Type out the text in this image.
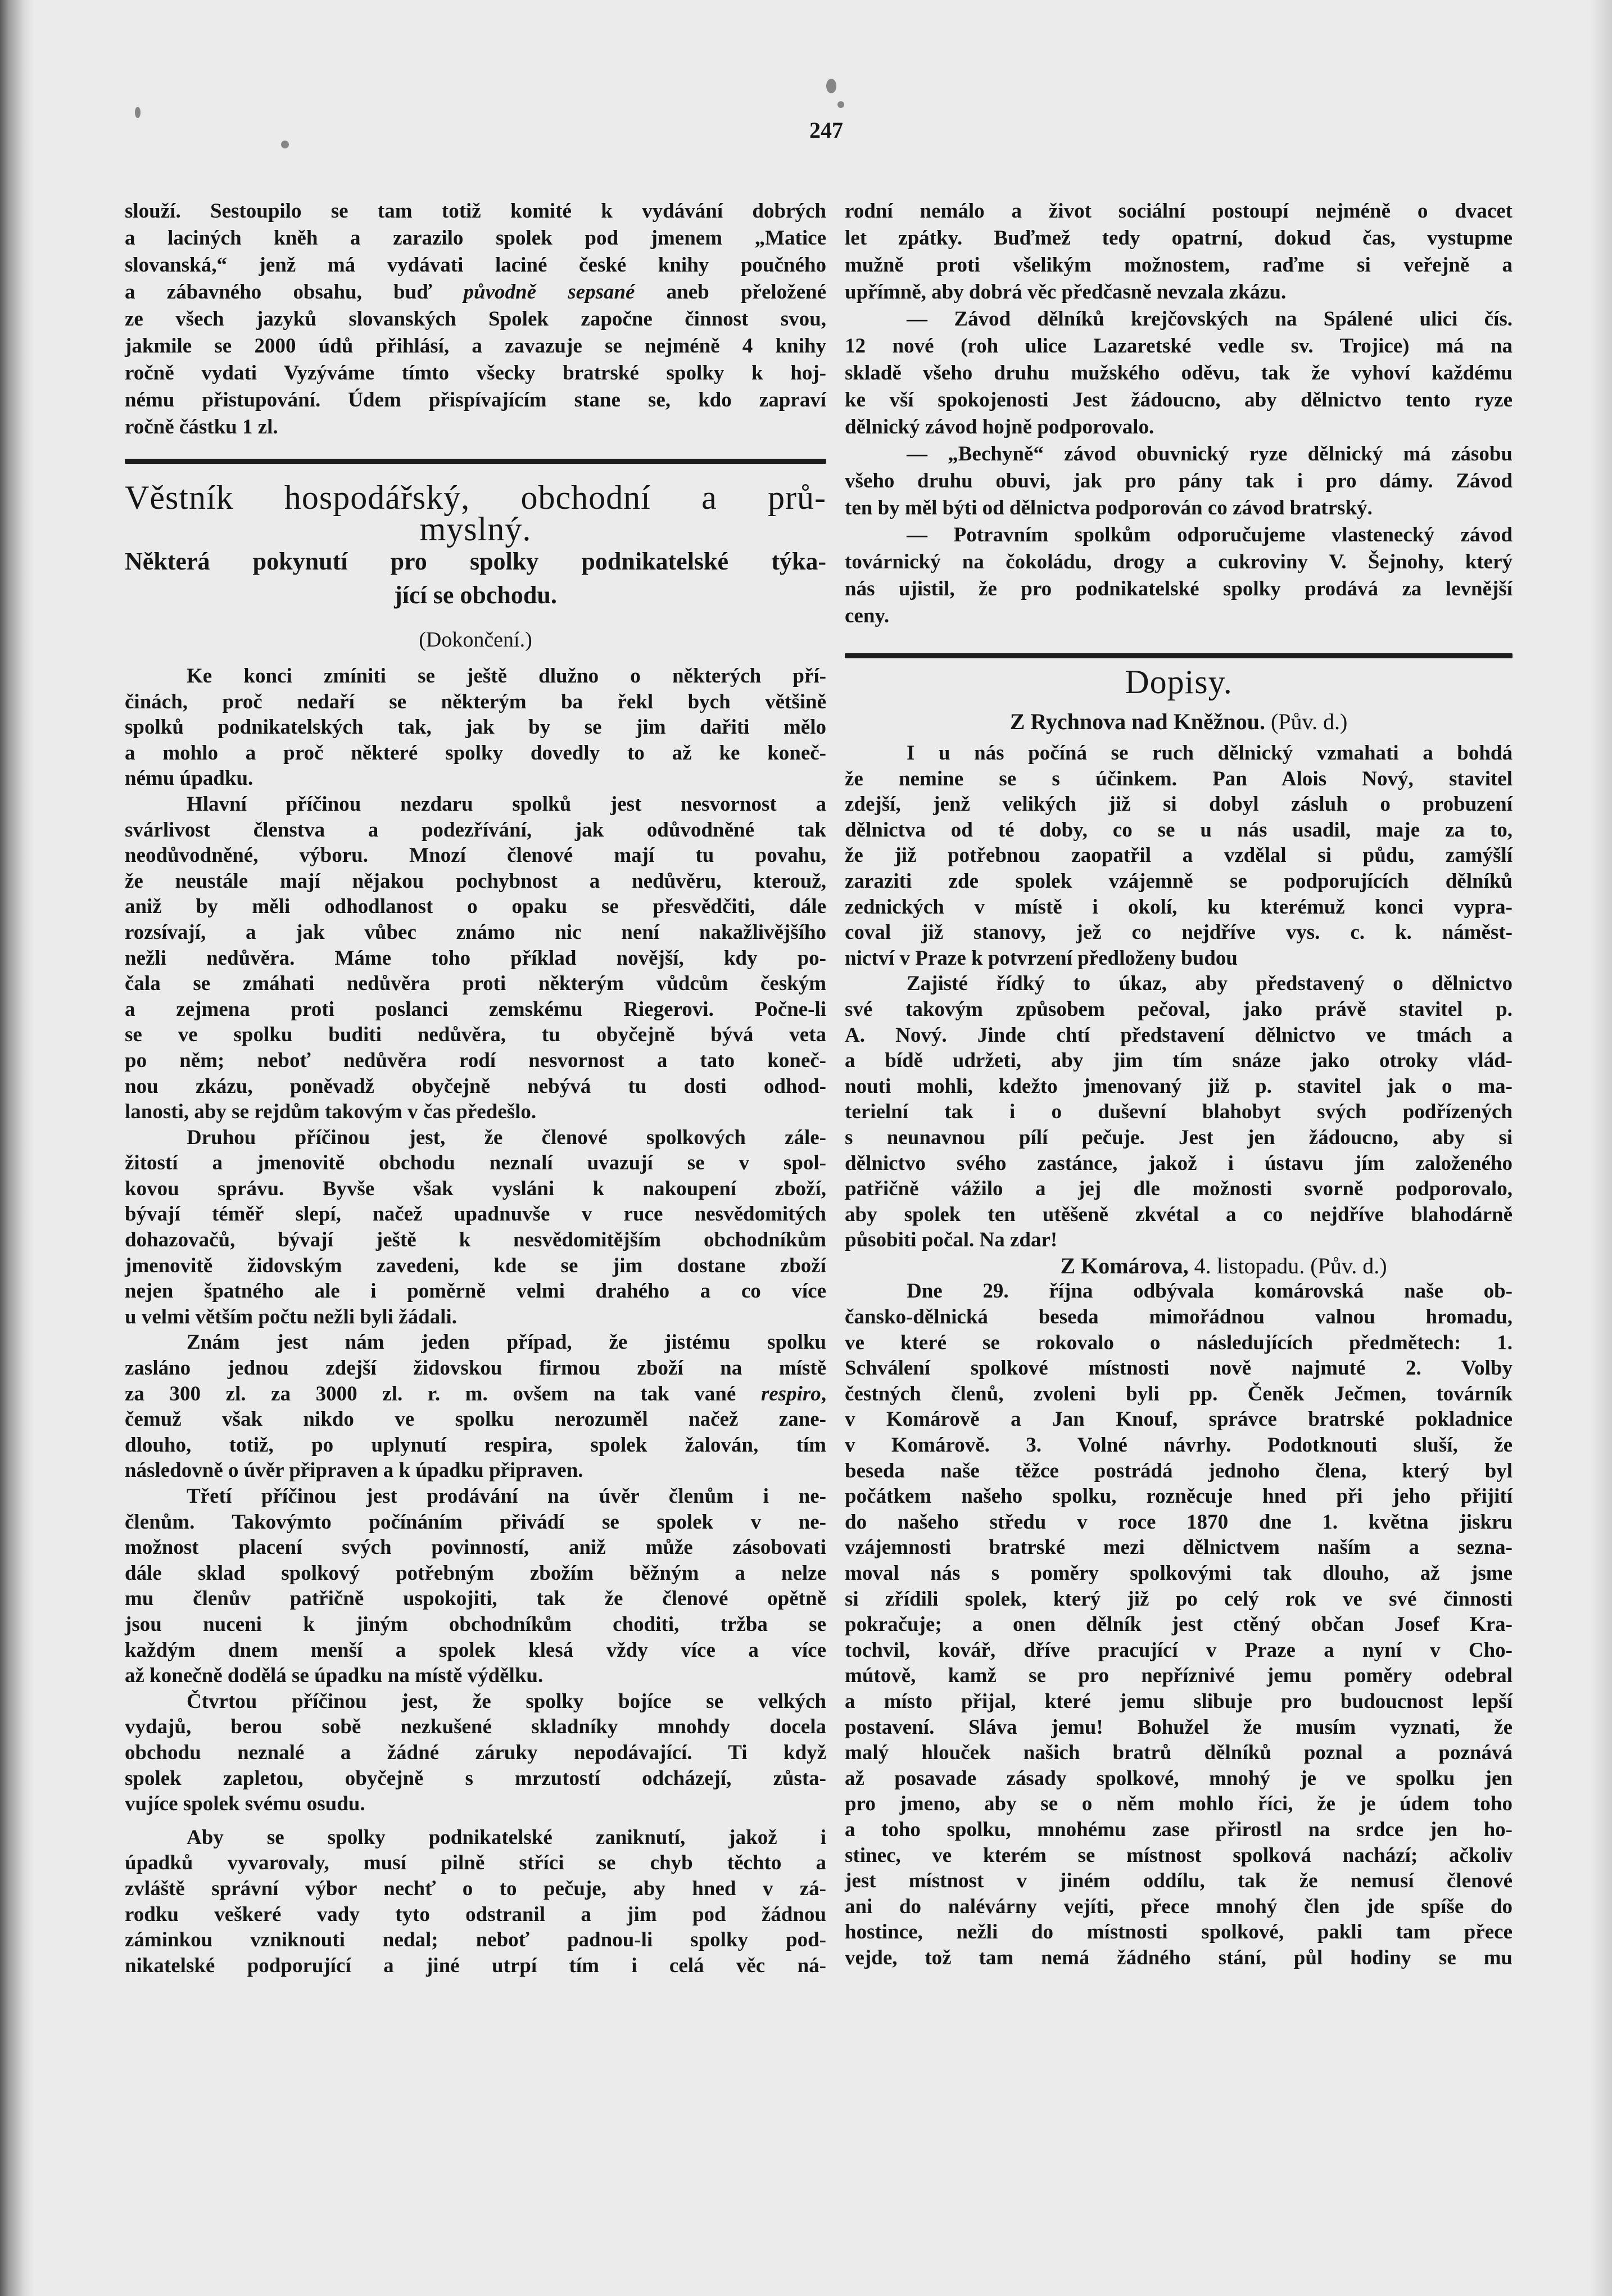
247
slouží. Sestoupilo se tam totiž komité k vydávání dobrých
a laciných kněh a zarazilo spolek pod jmenem „Matice
slovanská,“ jenž má vydávati laciné české knihy poučného
a zábavného obsahu, buď původně sepsané aneb přeložené
ze všech jazyků slovanských Spolek započne činnost svou,
jakmile se 2000 údů přihlásí, a zavazuje se nejméně 4 knihy
ročně vydati Vyzýváme tímto všecky bratrské spolky k hoj-
nému přistupování. Údem přispívajícím stane se, kdo zapraví
ročně částku 1 zl.
Věstník hospodářský, obchodní a prů-
myslný.
Některá pokynutí pro spolky podnikatelské týka-
jící se obchodu.
(Dokončení.)
Ke konci zmíniti se ještě dlužno o některých pří-
činách, proč nedaří se některým ba řekl bych většině
spolků podnikatelských tak, jak by se jim dařiti mělo
a mohlo a proč některé spolky dovedly to až ke koneč-
nému úpadku.
Hlavní příčinou nezdaru spolků jest nesvornost a
svárlivost členstva a podezřívání, jak odůvodněné tak
neodůvodněné, výboru. Mnozí členové mají tu povahu,
že neustále mají nějakou pochybnost a nedůvěru, kterouž,
aniž by měli odhodlanost o opaku se přesvědčiti, dále
rozsívají, a jak vůbec známo nic není nakažlivějšího
nežli nedůvěra. Máme toho příklad novější, kdy po-
čala se zmáhati nedůvěra proti některým vůdcům českým
a zejmena proti poslanci zemskému Riegerovi. Počne-li
se ve spolku buditi nedůvěra, tu obyčejně bývá veta
po něm; neboť nedůvěra rodí nesvornost a tato koneč-
nou zkázu, poněvadž obyčejně nebývá tu dosti odhod-
lanosti, aby se rejdům takovým v čas předešlo.
Druhou příčinou jest, že členové spolkových zále-
žitostí a jmenovitě obchodu neznalí uvazují se v spol-
kovou správu. Byvše však vysláni k nakoupení zboží,
bývají téměř slepí, načež upadnuvše v ruce nesvědomitých
dohazovačů, bývají ještě k nesvědomitějším obchodníkům
jmenovitě židovským zavedeni, kde se jim dostane zboží
nejen špatného ale i poměrně velmi drahého a co více
u velmi větším počtu nežli byli žádali.
Znám jest nám jeden případ, že jistému spolku
zasláno jednou zdejší židovskou firmou zboží na místě
za 300 zl. za 3000 zl. r. m. ovšem na tak vané respiro,
čemuž však nikdo ve spolku nerozuměl načež zane-
dlouho, totiž, po uplynutí respira, spolek žalován, tím
následovně o úvěr připraven a k úpadku připraven.
Třetí příčinou jest prodávání na úvěr členům i ne-
členům. Takovýmto počínáním přivádí se spolek v ne-
možnost placení svých povinností, aniž může zásobovati
dále sklad spolkový potřebným zbožím běžným a nelze
mu členův patřičně uspokojiti, tak že členové opětně
jsou nuceni k jiným obchodníkům choditi, tržba se
každým dnem menší a spolek klesá vždy více a více
až konečně dodělá se úpadku na místě výdělku.
Čtvrtou příčinou jest, že spolky bojíce se velkých
vydajů, berou sobě nezkušené skladníky mnohdy docela
obchodu neznalé a žádné záruky nepodávající. Ti když
spolek zapletou, obyčejně s mrzutostí odcházejí, zůsta-
vujíce spolek svému osudu.
Aby se spolky podnikatelské zaniknutí, jakož i
úpadků vyvarovaly, musí pilně stříci se chyb těchto a
zvláště správní výbor nechť o to pečuje, aby hned v zá-
rodku veškeré vady tyto odstranil a jim pod žádnou
záminkou vzniknouti nedal; neboť padnou-li spolky pod-
nikatelské podporující a jiné utrpí tím i celá věc ná-
rodní nemálo a život sociální postoupí nejméně o dvacet
let zpátky. Buďmež tedy opatrní, dokud čas, vystupme
mužně proti všelikým možnostem, raďme si veřejně a
upřímně, aby dobrá věc předčasně nevzala zkázu.
— Závod dělníků krejčovských na Spálené ulici čís.
12 nové (roh ulice Lazaretské vedle sv. Trojice) má na
skladě všeho druhu mužského oděvu, tak že vyhoví každému
ke vší spokojenosti Jest žádoucno, aby dělnictvo tento ryze
dělnický závod hojně podporovalo.
— „Bechyně“ závod obuvnický ryze dělnický má zásobu
všeho druhu obuvi, jak pro pány tak i pro dámy. Závod
ten by měl býti od dělnictva podporován co závod bratrský.
— Potravním spolkům odporučujeme vlastenecký závod
továrnický na čokoládu, drogy a cukroviny V. Šejnohy, který
nás ujistil, že pro podnikatelské spolky prodává za levnější
ceny.
Dopisy.
Z Rychnova nad Kněžnou. (Pův. d.)
I u nás počíná se ruch dělnický vzmahati a bohdá
že nemine se s účinkem. Pan Alois Nový, stavitel
zdejší, jenž velikých již si dobyl zásluh o probuzení
dělnictva od té doby, co se u nás usadil, maje za to,
že již potřebnou zaopatřil a vzdělal si půdu, zamýšlí
zaraziti zde spolek vzájemně se podporujících dělníků
zednických v místě i okolí, ku kterémuž konci vypra-
coval již stanovy, jež co nejdříve vys. c. k. náměst-
nictví v Praze k potvrzení předloženy budou
Zajisté řídký to úkaz, aby představený o dělnictvo
své takovým způsobem pečoval, jako právě stavitel p.
A. Nový. Jinde chtí představení dělnictvo ve tmách a
a bídě udržeti, aby jim tím snáze jako otroky vlád-
nouti mohli, kdežto jmenovaný již p. stavitel jak o ma-
terielní tak i o duševní blahobyt svých podřízených
s neunavnou pílí pečuje. Jest jen žádoucno, aby si
dělnictvo svého zastánce, jakož i ústavu jím založeného
patřičně vážilo a jej dle možnosti svorně podporovalo,
aby spolek ten utěšeně zkvétal a co nejdříve blahodárně
působiti počal. Na zdar!
Z Komárova, 4. listopadu. (Pův. d.)
Dne 29. října odbývala komárovská naše ob-
čansko-dělnická beseda mimořádnou valnou hromadu,
ve které se rokovalo o následujících předmětech: 1.
Schválení spolkové místnosti nově najmuté 2. Volby
čestných členů, zvoleni byli pp. Čeněk Ječmen, továrník
v Komárově a Jan Knouf, správce bratrské pokladnice
v Komárově. 3. Volné návrhy. Podotknouti sluší, že
beseda naše těžce postrádá jednoho člena, který byl
počátkem našeho spolku, rozněcuje hned při jeho přijití
do našeho středu v roce 1870 dne 1. května jiskru
vzájemnosti bratrské mezi dělnictvem naším a sezna-
moval nás s poměry spolkovými tak dlouho, až jsme
si zřídili spolek, který již po celý rok ve své činnosti
pokračuje; a onen dělník jest ctěný občan Josef Kra-
tochvil, kovář, dříve pracující v Praze a nyní v Cho-
mútově, kamž se pro nepříznivé jemu poměry odebral
a místo přijal, které jemu slibuje pro budoucnost lepší
postavení. Sláva jemu! Bohužel že musím vyznati, že
malý hlouček našich bratrů dělníků poznal a poznává
až posavade zásady spolkové, mnohý je ve spolku jen
pro jmeno, aby se o něm mohlo říci, že je údem toho
a toho spolku, mnohému zase přirostl na srdce jen ho-
stinec, ve kterém se místnost spolková nachází; ačkoliv
jest místnost v jiném oddílu, tak že nemusí členové
ani do nalévárny vejíti, přece mnohý člen jde spíše do
hostince, nežli do místnosti spolkové, pakli tam přece
vejde, tož tam nemá žádného stání, půl hodiny se mu
